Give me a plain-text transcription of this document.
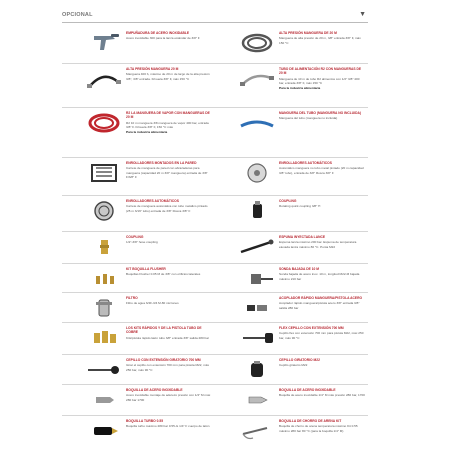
OPCIONAL	▼
EMPUÑADURA DE ACERO INOXIDABLE
Acero inoxidable 300 para la lanza estándar de 3/8" F
ALTA PRESIÓN MANGUERA DE 20 M
Manguera de alta presión de 20 m, 3/8" entrada 3/8" F, máx 150 °C
ALTA PRESIÓN MANGUERA 20 M
Manguera 400 b, máximo de 20 m de largo de la alta presión 3/8", 3/8" entrada. Frisuela 3/8" F, máx 150 °C
TUBO DE ALIMENTACIÓN R2 CON MANGUERAS DE 20 M
Manguera de 10 m de tubo R2 alimentos con 1/2" 3/8" 400 bar, entrada 3/8" F, máx 150 °C
Para la industria alimentaria
R2 LA MANGUERA DE VAPOR CON MANGUERAS DE 20 M
R2 10 m manguera 3/8 manguera de vapor 400 bar, entrada 3/8" F. Frisuela 3/8" F, 150 °C máx
Para la industria alimentaria
MANGUERA DEL TUBO (MANGUERA NO INCLUIDA)
Manguera del tubo (manguera no incluida)
ENROLLADORES MONTADOS EN LA PARED
Carrete de manguera de pared con abrazaderas para manguera (capacidad 20 m 3/8" manguera) entrada de 3/8" F/3/8" F
ENROLLADORES AUTOMÁTICOS
Automático manguera no tubo metal pintado (20 m capacidad 3/8" tubo), entrada de 3/8" Rosca 3/8" F
ENROLLADORES AUTOMÁTICOS
Carrete de manguera automática con tubo metálico pintado (25 m 3/16" tubo) entrada de 3/8" Rosca 3/8" F
COUPLING
Rotating quick coupling 3/8" H
COUPLING
1/2"-3/8" hose coupling
ESPUMA INYECTADA LANCE
Espuma lanza máximo 200 bar. Espuma de temperatura elevada lanza máximo 80 °C. Punta M22
KIT BOQUILLA FLUSHER
Boquillas Flusher 0.05 M de 3/8" con orificios laterales
SONDA BAJADA DE 10 M
Sonda bajada de acero inox. 10 m, longitud M22-M bajada máximo 210 bar
FILTRO
Filtro de agua 3/4F-3/4 M-80 micrones
ACOPLADOR RÁPIDO MANGUERA/PISTOLA ACERO
Acoplador rápido manguera/pistola acero 3/8" entrada 3/8" salida 280 bar
LOS KITS RÁPIDOS Y DE LA PISTOLA TUBO DE COBRE
Kits/pistola rápido latón tubo 3/8" entrada 3/8" salida 280 bar
FLEX CEPILLO CON EXTENSIÓN 700 MM
Cepillo flex con extensión 700 mm para pistola M22, máx 250 bar, máx 90 °C
CEPILLO CON EXTENSIÓN GIRATORIO 700 MM
Girar el cepillo con extensión 700 mm para pistola M22, máx 250 bar, máx 90 °C
CEPILLO GIRATORIO M22
Cepillo giratorio M22
BOQUILLA DE ACERO INOXIDABLE
Acero inoxidable montaje de aderezo presión con 1/4" M máx 280 bar 1700
BOQUILLA DE ACERO INOXIDABLE
Boquilla de acero inoxidable 1/4" M máx presión 280 bar, 1700
BOQUILLA TURBO 0.55
Boquilla turbo máximo 280 bar 0.55-G 1/4" F cuerpo de latón
BOQUILLA DE CHORRO DE ARENA KIT
Boquilla de chorro de arena temperatura máximo Kit 0.55 máximo 280 bar 80 °C (para la boquilla 1/4" M)
